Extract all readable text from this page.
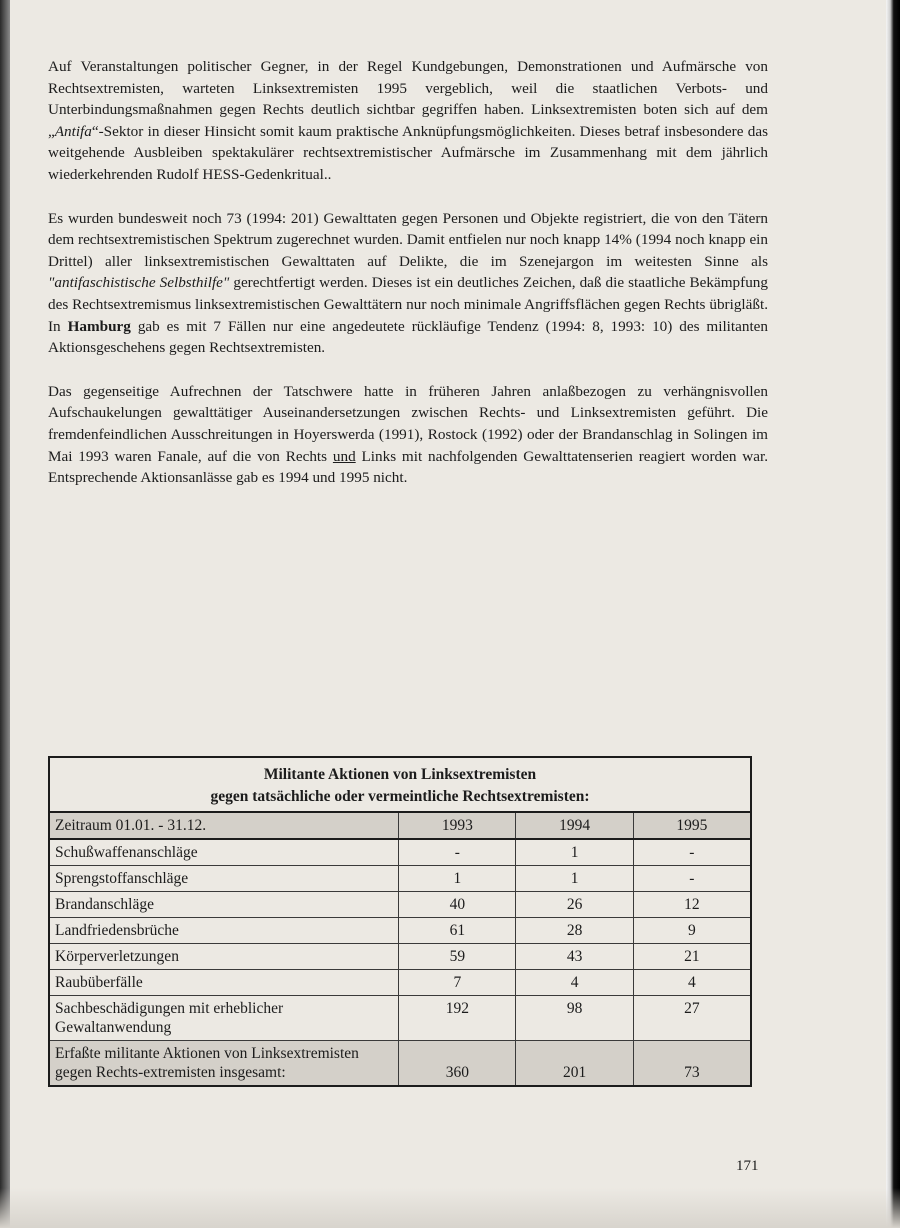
Auf Veranstaltungen politischer Gegner, in der Regel Kundgebungen, Demonstrationen und Aufmärsche von Rechtsextremisten, warteten Linksextremisten 1995 vergeblich, weil die staatlichen Verbots- und Unterbindungsmaßnahmen gegen Rechts deutlich sichtbar gegriffen haben. Linksextremisten boten sich auf dem „Antifa“-Sektor in dieser Hinsicht somit kaum praktische Anknüpfungsmöglichkeiten. Dieses betraf insbesondere das weitgehende Ausbleiben spektakulärer rechtsextremistischer Aufmärsche im Zusammenhang mit dem jährlich wiederkehrenden Rudolf HESS-Gedenkritual..

Es wurden bundesweit noch 73 (1994: 201) Gewalttaten gegen Personen und Objekte registriert, die von den Tätern dem rechtsextremistischen Spektrum zugerechnet wurden. Damit entfielen nur noch knapp 14% (1994 noch knapp ein Drittel) aller linksextremistischen Gewalttaten auf Delikte, die im Szenejargon im weitesten Sinne als "antifaschistische Selbsthilfe" gerechtfertigt werden. Dieses ist ein deutliches Zeichen, daß die staatliche Bekämpfung des Rechtsextremismus linksextremistischen Gewalttätern nur noch minimale Angriffsflächen gegen Rechts übrigläßt. In Hamburg gab es mit 7 Fällen nur eine angedeutete rückläufige Tendenz (1994: 8, 1993: 10) des militanten Aktionsgeschehens gegen Rechtsextremisten.

Das gegenseitige Aufrechnen der Tatschwere hatte in früheren Jahren anlaßbezogen zu verhängnisvollen Aufschaukelungen gewalttätiger Auseinandersetzungen zwischen Rechts- und Linksextremisten geführt. Die fremdenfeindlichen Ausschreitungen in Hoyerswerda (1991), Rostock (1992) oder der Brandanschlag in Solingen im Mai 1993 waren Fanale, auf die von Rechts und Links mit nachfolgenden Gewalttatenserien reagiert worden war. Entsprechende Aktionsanlässe gab es 1994 und 1995 nicht.

Militante Aktionen von Linksextremisten
gegen tatsächliche oder vermeintliche Rechtsextremisten:			

Zeitraum 01.01. - 31.12.	1993	1994	1995
Schußwaffenanschläge	-	1	-
Sprengstoffanschläge	1	1	-
Brandanschläge	40	26	12
Landfriedensbrüche	61	28	9
Körperverletzungen	59	43	21
Raubüberfälle	7	4	4
Sachbeschädigungen mit erheblicher Gewaltanwendung	192	98	27
Erfaßte militante Aktionen von Linksextremisten gegen Rechts-extremisten insgesamt:	360	201	73
171
